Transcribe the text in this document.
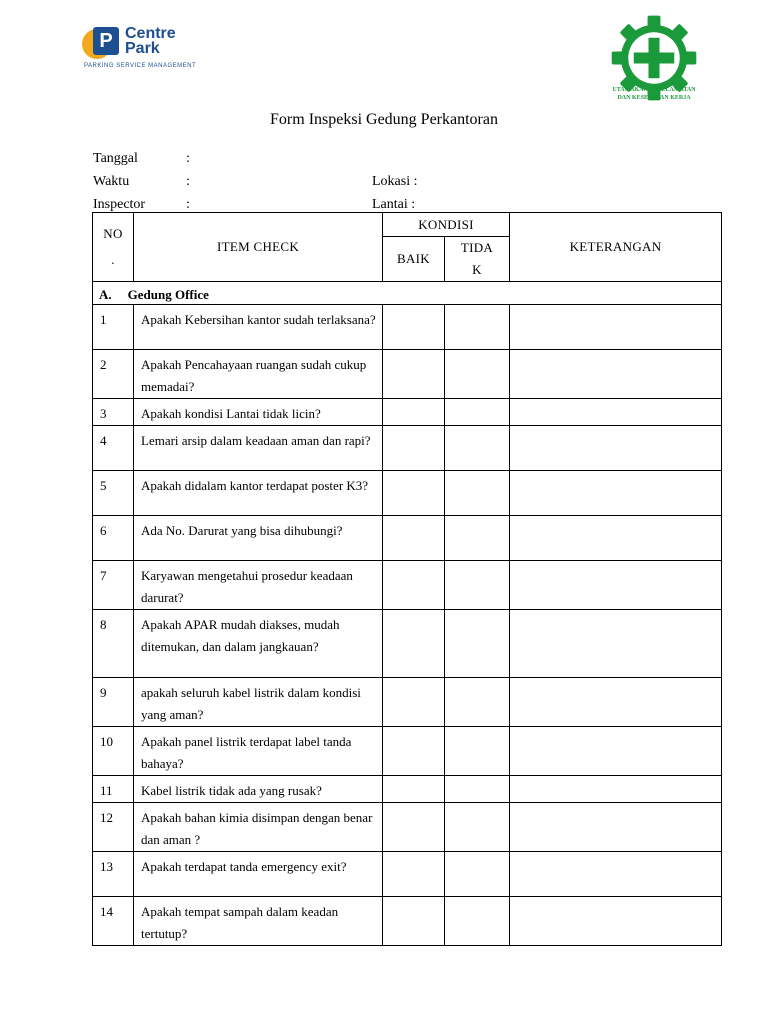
P Centre
Park
PARKING SERVICE MANAGEMENT
UTAMAKAN KESELAMATAN
DAN KESEHATAN KERJA
Form Inspeksi Gedung Perkantoran
Tanggal	:
Waktu	:	Lokasi :
Inspector	:	Lantai :
NO
.	ITEM CHECK	KONDISI		KETERANGAN
		BAIK	TIDA
K	

A. Gedung Office				
1	Apakah Kebersihan kantor sudah terlaksana?			
2	Apakah Pencahayaan ruangan sudah cukup memadai?			
3	Apakah kondisi Lantai tidak licin?			
4	Lemari arsip dalam keadaan aman dan rapi?			
5	Apakah didalam kantor terdapat poster K3?			
6	Ada No. Darurat yang bisa dihubungi?			
7	Karyawan mengetahui prosedur keadaan darurat?			
8	Apakah APAR mudah diakses, mudah ditemukan, dan dalam jangkauan?			
9	apakah seluruh kabel listrik dalam kondisi yang aman?			
10	Apakah panel listrik terdapat label tanda bahaya?			
11	Kabel listrik tidak ada yang rusak?			
12	Apakah bahan kimia disimpan dengan benar dan aman ?			
13	Apakah terdapat tanda emergency exit?			
14	Apakah tempat sampah dalam keadan tertutup?			
